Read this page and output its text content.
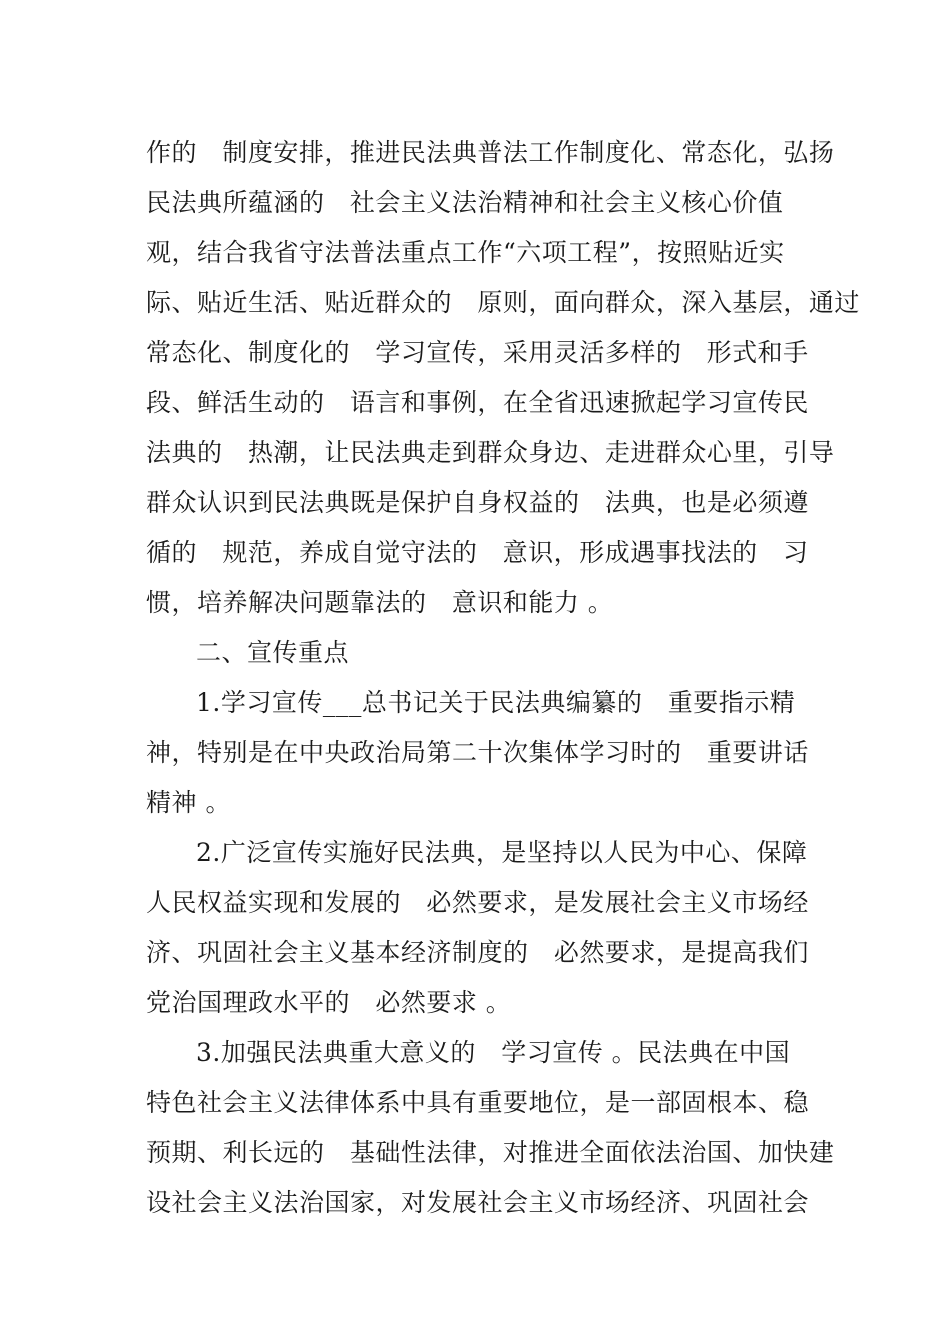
作的   制度安排，推进民法典普法工作制度化、常态化，弘扬
民法典所蕴涵的   社会主义法治精神和社会主义核心价值
观，结合我省守法普法重点工作“六项工程”，按照贴近实
际、贴近生活、贴近群众的   原则，面向群众，深入基层，通过
常态化、制度化的   学习宣传，采用灵活多样的   形式和手
段、鲜活生动的   语言和事例，在全省迅速掀起学习宣传民
法典的   热潮，让民法典走到群众身边、走进群众心里，引导
群众认识到民法典既是保护自身权益的   法典，也是必须遵
循的   规范，养成自觉守法的   意识，形成遇事找法的   习
惯，培养解决问题靠法的   意识和能力 。
二、宣传重点
1.学习宣传___总书记关于民法典编纂的   重要指示精
神，特别是在中央政治局第二十次集体学习时的   重要讲话
精神 。
2.广泛宣传实施好民法典，是坚持以人民为中心、保障
人民权益实现和发展的   必然要求，是发展社会主义市场经
济、巩固社会主义基本经济制度的   必然要求，是提高我们
党治国理政水平的   必然要求 。
3.加强民法典重大意义的   学习宣传 。民法典在中国
特色社会主义法律体系中具有重要地位，是一部固根本、稳
预期、利长远的   基础性法律，对推进全面依法治国、加快建
设社会主义法治国家，对发展社会主义市场经济、巩固社会
